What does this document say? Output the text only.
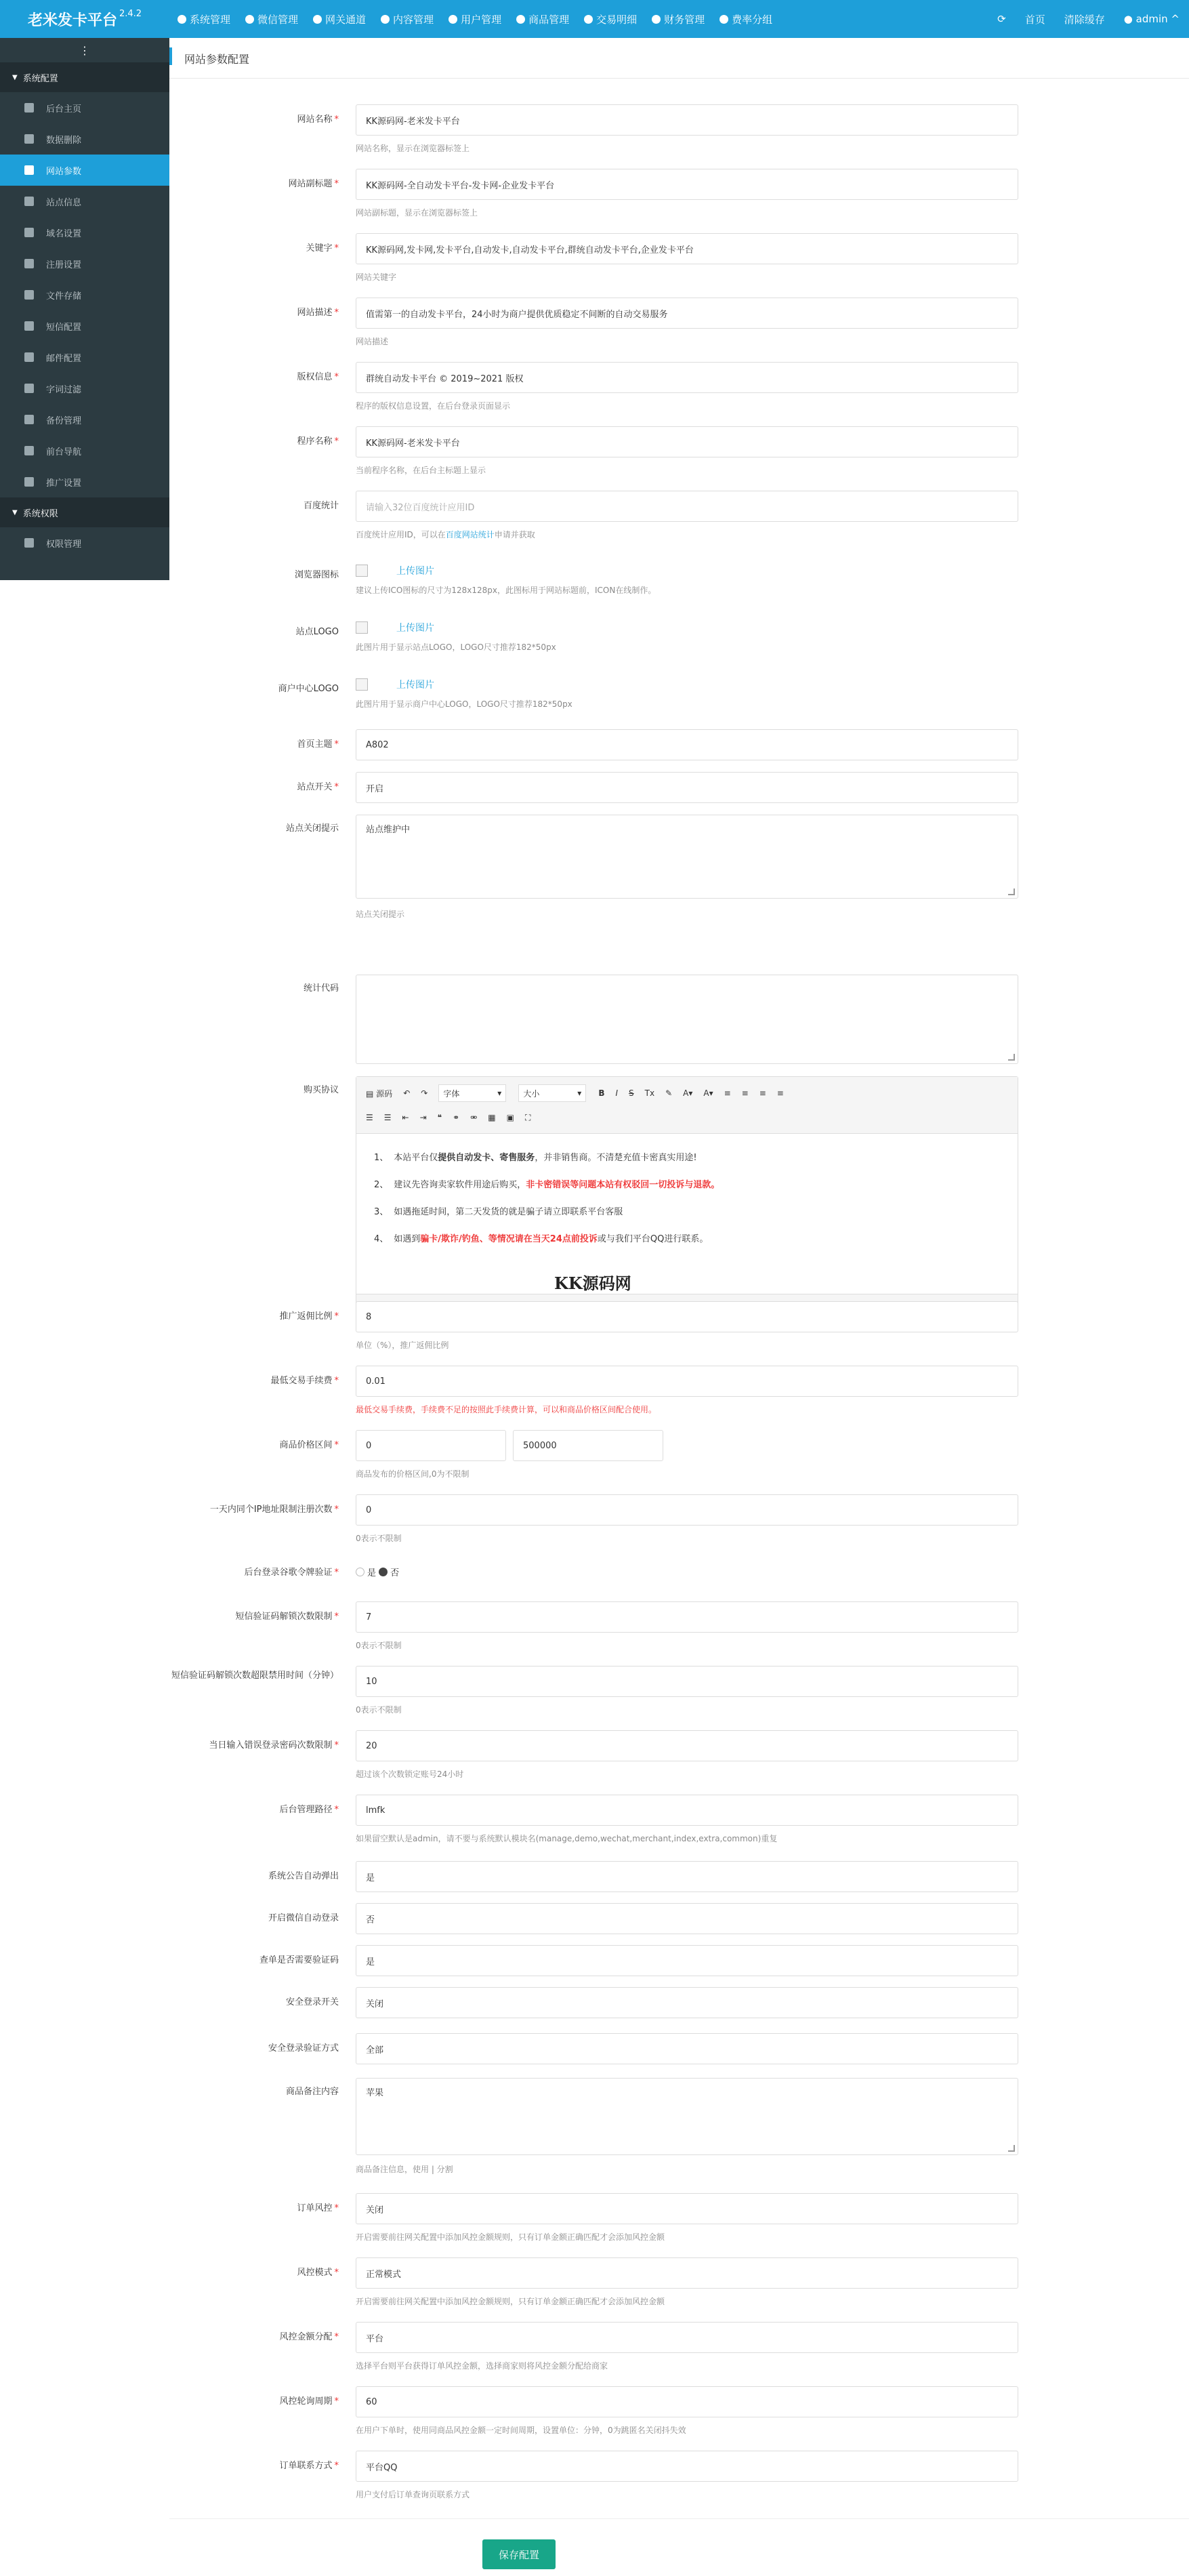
老米发卡平台$^{2.4.2}$	系统管理	微信管理	网关通道	内容管理	用户管理	商品管理	交易明细	财务管理	费率分组	⟳ 首页 清除缓存 ●
admin
^
⋮
▼ 系统配置
后台主页
数据删除
网站参数
站点信息
域名设置
注册设置
文件存储
短信配置
邮件配置
字词过滤
备份管理
前台导航
推广设置
▼ 系统权限
权限管理
网站参数配置
网站名称 *	KK源码网-老米发卡平台
网站名称，显示在浏览器标签上
网站副标题 *	KK源码网-全自动发卡平台-发卡网-企业发卡平台
网站副标题，显示在浏览器标签上
关键字 *	KK源码网,发卡网,发卡平台,自动发卡,自动发卡平台,群统自动发卡平台,企业发卡平台
网站关键字
网站描述 *	值需第一的自动发卡平台，24小时为商户提供优质稳定不间断的自动交易服务
网站描述
版权信息 *	群统自动发卡平台 © 2019~2021 版权
程序的版权信息设置，在后台登录页面显示
程序名称 *	KK源码网-老米发卡平台
当前程序名称，在后台主标题上显示
百度统计	请输入32位百度统计应用ID
百度统计应用ID，可以在百度网站统计申请并获取
浏览器图标	上传图片
建议上传ICO图标的尺寸为128x128px，此图标用于网站标题前，ICON在线制作。
站点LOGO	上传图片
此图片用于显示站点LOGO，LOGO尺寸推荐182*50px
商户中心LOGO	上传图片
此图片用于显示商户中心LOGO，LOGO尺寸推荐182*50px
首页主题 *	A802
站点开关 *	开启
站点关闭提示	站点维护中
站点关闭提示
统计代码
购买协议	▤ 源码 ↶ ↷ 字体	▾	大小	▾ B I S Tx ✎ A▾ A▾ ≡ ≡ ≡ ≡
☰ ☰ ⇤ ⇥ ❝ ⚭ ⚮ ▦ ▣ ⛶
1、 本站平台仅 提供自动发卡、寄售服务 ，并非销售商。不清楚充值卡密真实用途!
2、 建议先咨询卖家软件用途后购买， 非卡密错误等问题本站有权驳回一切投诉与退款。
3、 如遇拖延时间，第二天发货的就是骗子请立即联系平台客服
4、 如遇到 骗卡/欺诈/钓鱼、等情况请在当天24点前投诉 或与我们平台QQ进行联系。
KK源码网
推广返佣比例 *	8
单位（%），推广返佣比例
最低交易手续费 *	0.01
最低交易手续费，手续费不足的按照此手续费计算，可以和商品价格区间配合使用。
商品价格区间 *	0	500000
商品发布的价格区间,0为不限制
一天内同个IP地址限制注册次数 *	0
0表示不限制
后台登录谷歌令牌验证 *	是
否
短信验证码解锁次数限制 *	7
0表示不限制
短信验证码解锁次数超限禁用时间（分钟）
10
0表示不限制
当日输入错误登录密码次数限制 *	20
超过该个次数锁定账号24小时
后台管理路径 *	lmfk
如果留空默认是admin，请不要与系统默认模块名(manage,demo,wechat,merchant,index,extra,common)重复
系统公告自动弹出	是
开启微信自动登录	否
查单是否需要验证码	是
安全登录开关	关闭
安全登录验证方式	全部
商品备注内容	苹果
商品备注信息，使用 | 分割
订单风控 *	关闭
开启需要前往网关配置中添加风控金额规则，只有订单金额正确匹配才会添加风控金额
风控模式 *	正常模式
开启需要前往网关配置中添加风控金额规则，只有订单金额正确匹配才会添加风控金额
风控金额分配 *	平台
选择平台则平台获得订单风控金额，选择商家则将风控金额分配给商家
风控轮询周期 *	60
在用户下单时，使用同商品风控金额一定时间周期，设置单位：分钟，0为跳匿名关闭抖失效
订单联系方式 *	平台QQ
用户支付后订单查询页联系方式
保存配置
